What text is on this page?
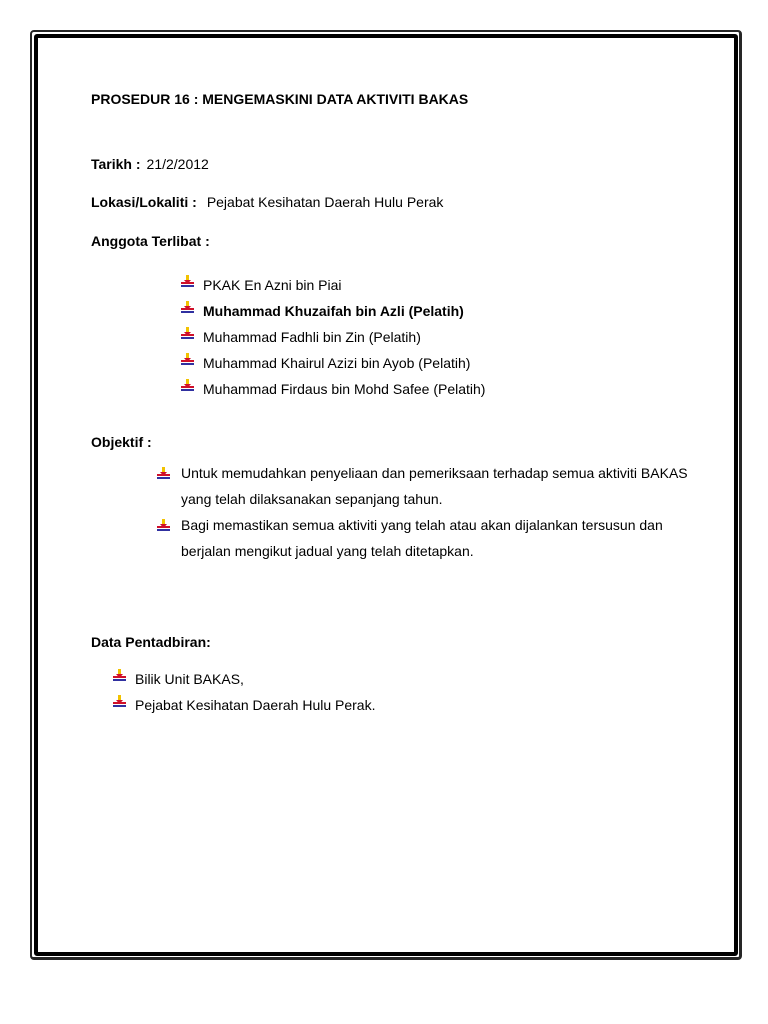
PROSEDUR 16 : MENGEMASKINI DATA AKTIVITI BAKAS
Tarikh : 21/2/2012
Lokasi/Lokaliti : Pejabat Kesihatan Daerah Hulu Perak
Anggota Terlibat :
PKAK En Azni bin Piai
Muhammad Khuzaifah bin Azli (Pelatih)
Muhammad Fadhli bin Zin (Pelatih)
Muhammad Khairul Azizi bin Ayob (Pelatih)
Muhammad Firdaus bin Mohd Safee (Pelatih)
Objektif :
Untuk memudahkan penyeliaan dan pemeriksaan terhadap semua aktiviti BAKAS yang telah dilaksanakan sepanjang tahun.
Bagi memastikan semua aktiviti yang telah atau akan dijalankan tersusun dan berjalan mengikut jadual yang telah ditetapkan.
Data Pentadbiran:
Bilik Unit BAKAS,
Pejabat Kesihatan Daerah Hulu Perak.
